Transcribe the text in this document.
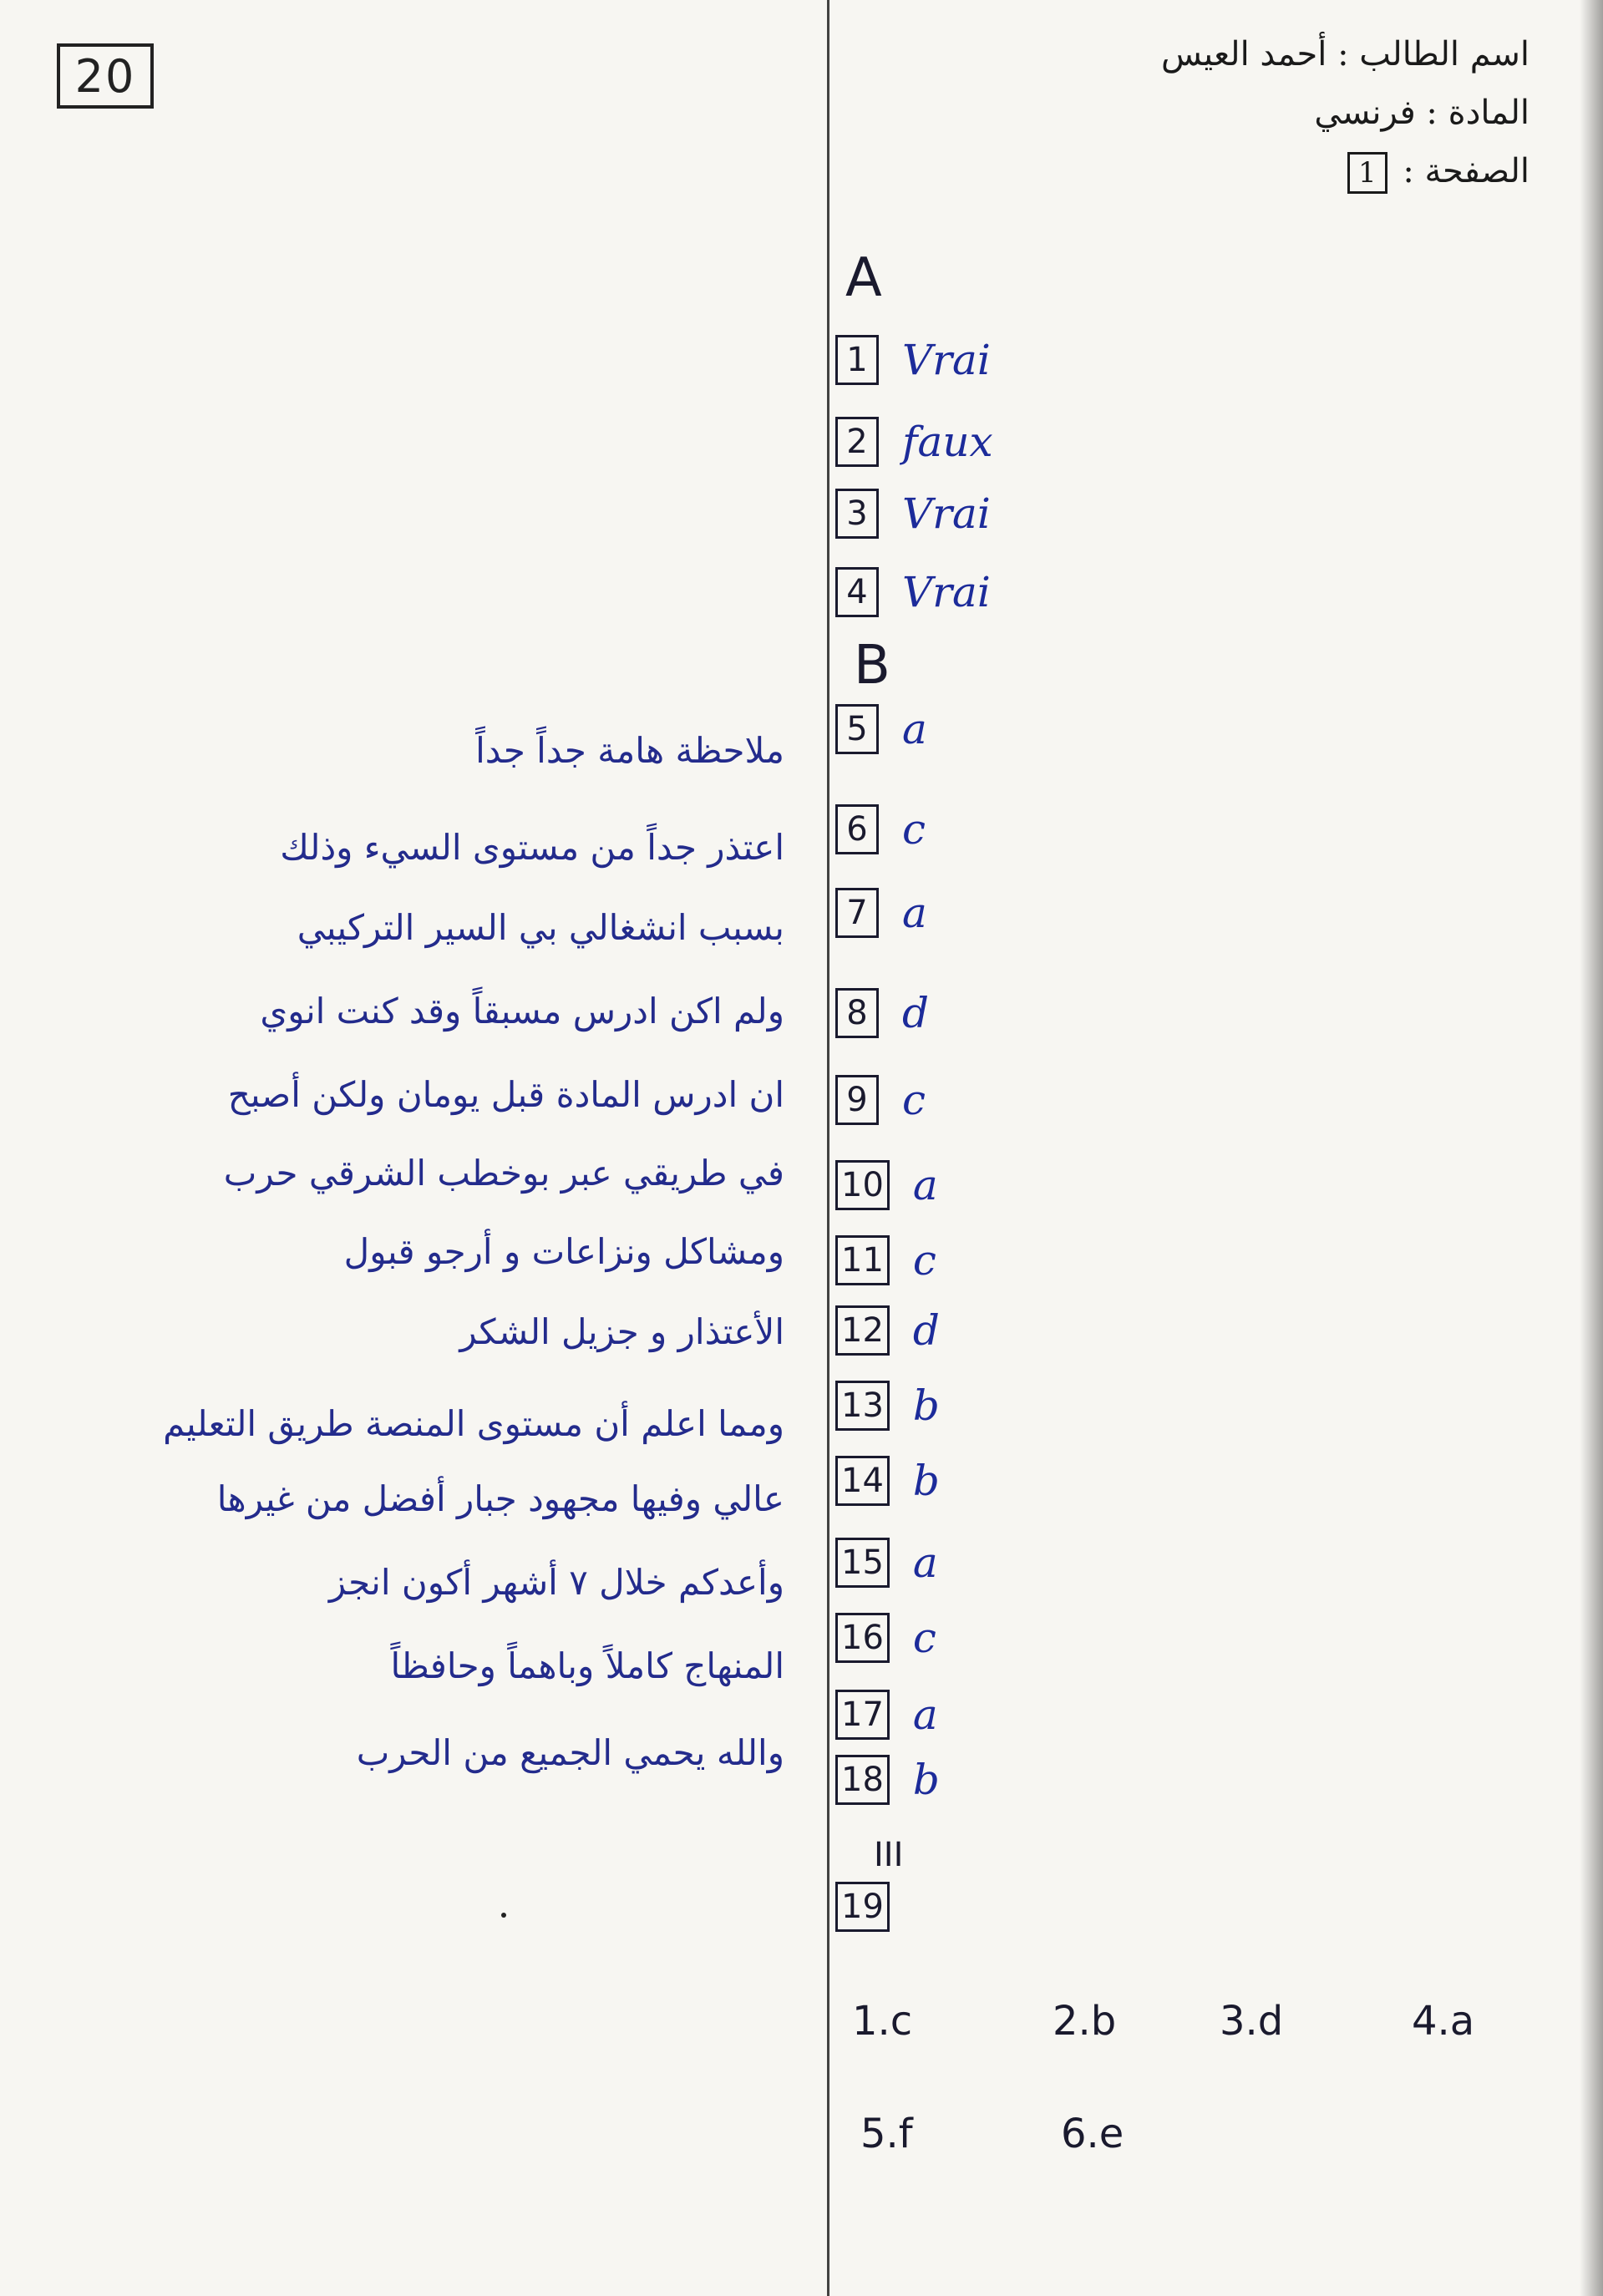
20	اسم الطالب : أحمد العيس
المادة : فرنسي
الصفحة : 1
A
B
1 Vrai
2 faux
3 Vrai
4 Vrai
5 a
6 c
7 a
8 d
9 c
10 a
11 c
12 d
13 b
14 b
15 a
16 c
17 a
18 b
III
19
1.c	2.b	3.d	4.a
5.f	6.e
ملاحظة هامة جداً جداً
اعتذر جداً من مستوى السيء وذلك
بسبب انشغالي بي السير التركيبي
ولم اكن ادرس مسبقاً وقد كنت انوي
ان ادرس المادة قبل يومان ولكن أصبح
في طريقي عبر بوخطب الشرقي حرب
ومشاكل ونزاعات و أرجو قبول
الأعتذار و جزيل الشكر
ومما اعلم أن مستوى المنصة طريق التعليم
عالي وفيها مجهود جبار أفضل من غيرها
وأعدكم خلال ٧ أشهر أكون انجز
المنهاج كاملاً وباهماً وحافظاً
والله يحمي الجميع من الحرب
